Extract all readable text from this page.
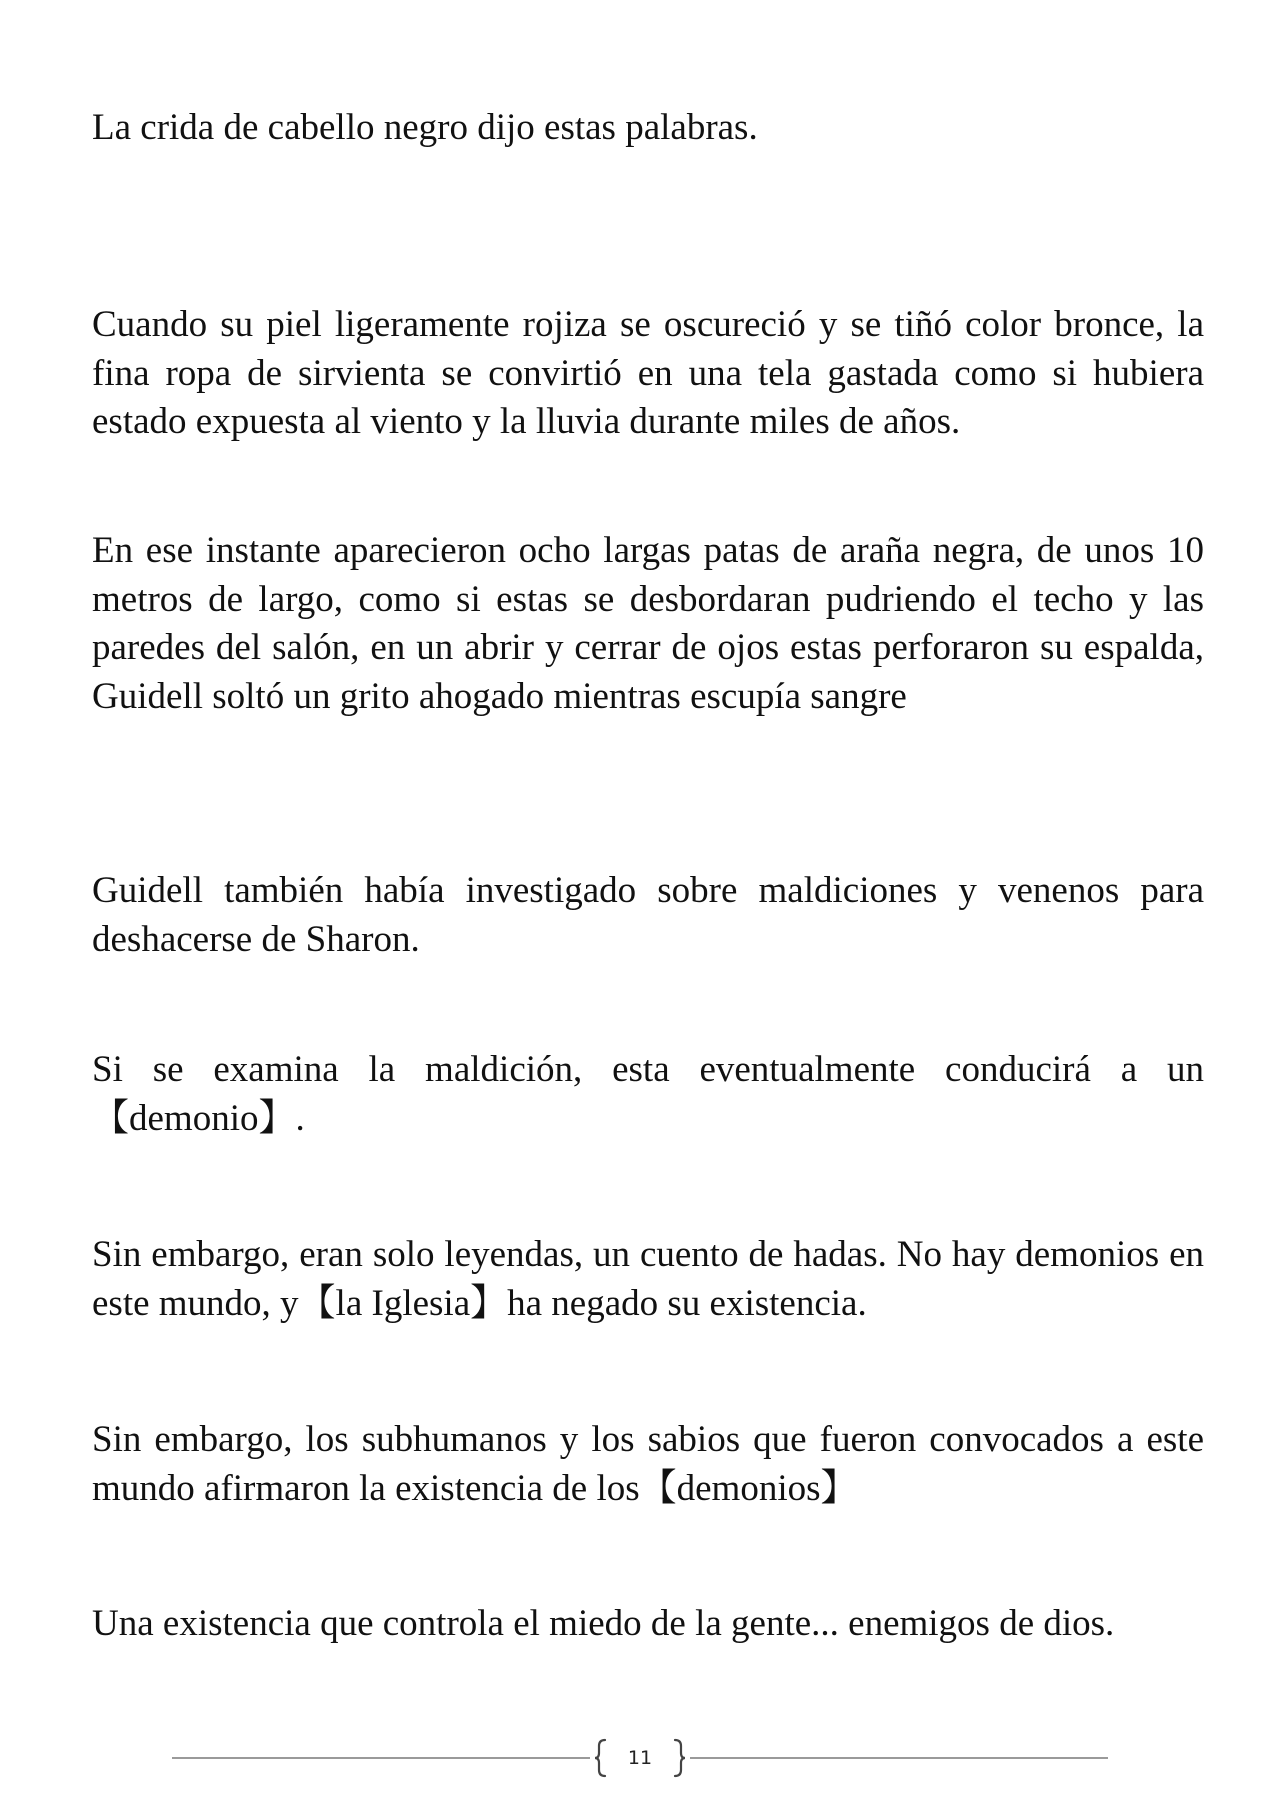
La crida de cabello negro dijo estas palabras.

Cuando su piel ligeramente rojiza se oscureció y se tiñó color bronce, la fina ropa de sirvienta se convirtió en una tela gastada como si hubiera estado expuesta al viento y la lluvia durante miles de años.

En ese instante aparecieron ocho largas patas de araña negra, de unos 10 metros de largo, como si estas se desbordaran pudriendo el techo y las paredes del salón, en un abrir y cerrar de ojos estas perforaron su espalda, Guidell soltó un grito ahogado mientras escupía sangre

Guidell también había investigado sobre maldiciones y venenos para deshacerse de Sharon.

Si se examina la maldición, esta eventualmente conducirá a un 【demonio】.

Sin embargo, eran solo leyendas, un cuento de hadas. No hay demonios en este mundo, y【la Iglesia】ha negado su existencia.

Sin embargo, los subhumanos y los sabios que fueron convocados a este mundo afirmaron la existencia de los【demonios】

Una existencia que controla el miedo de la gente... enemigos de dios.

11
